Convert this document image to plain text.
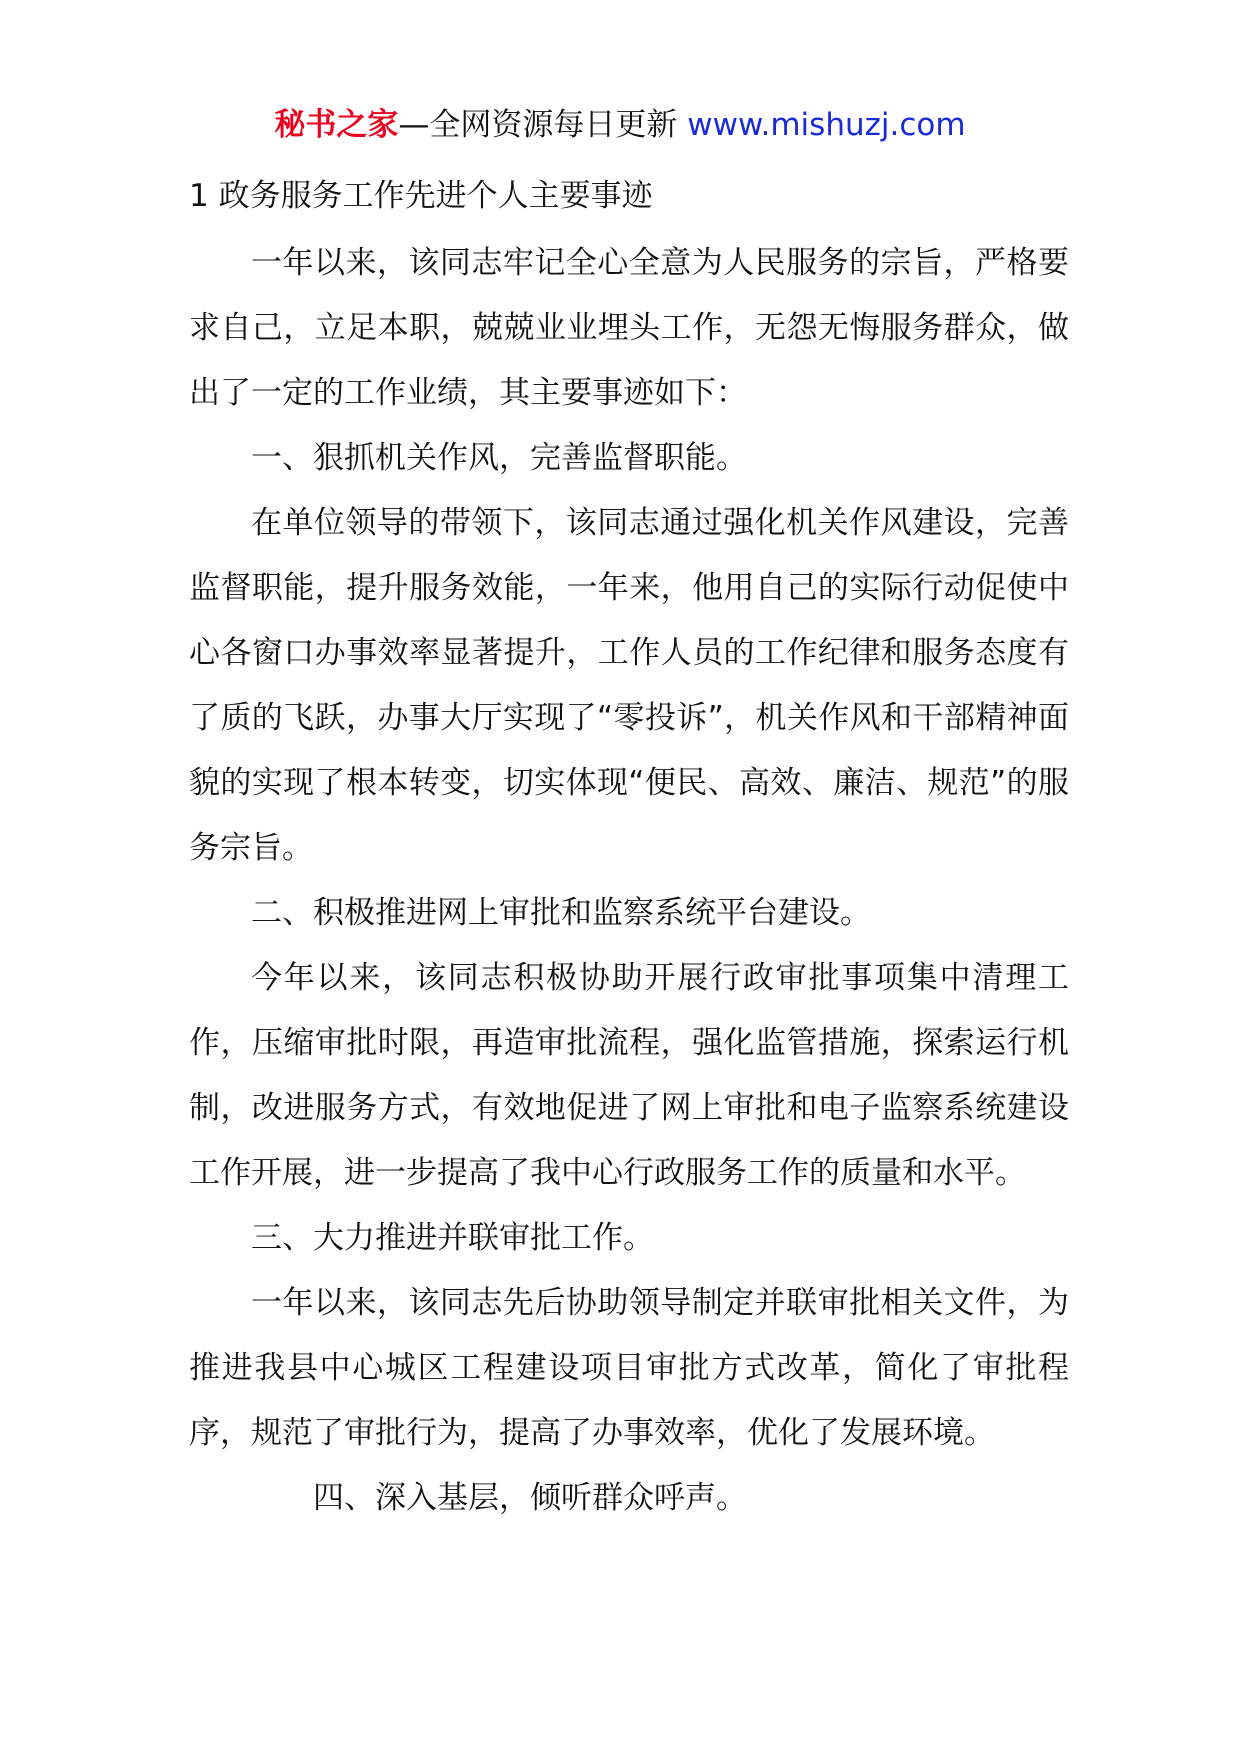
秘书之家—全网资源每日更新 www.mishuzj.com

1 政务服务工作先进个人主要事迹

一年以来，该同志牢记全心全意为人民服务的宗旨，严格要求自己，立足本职，兢兢业业埋头工作，无怨无悔服务群众，做出了一定的工作业绩，其主要事迹如下：

一、狠抓机关作风，完善监督职能。

在单位领导的带领下，该同志通过强化机关作风建设，完善监督职能，提升服务效能，一年来，他用自己的实际行动促使中心各窗口办事效率显著提升，工作人员的工作纪律和服务态度有了质的飞跃，办事大厅实现了“零投诉”，机关作风和干部精神面貌的实现了根本转变，切实体现“便民、高效、廉洁、规范”的服务宗旨。

二、积极推进网上审批和监察系统平台建设。

今年以来，该同志积极协助开展行政审批事项集中清理工作，压缩审批时限，再造审批流程，强化监管措施，探索运行机制，改进服务方式，有效地促进了网上审批和电子监察系统建设工作开展，进一步提高了我中心行政服务工作的质量和水平。

三、大力推进并联审批工作。

一年以来，该同志先后协助领导制定并联审批相关文件，为推进我县中心城区工程建设项目审批方式改革，简化了审批程序，规范了审批行为，提高了办事效率，优化了发展环境。

四、深入基层，倾听群众呼声。
